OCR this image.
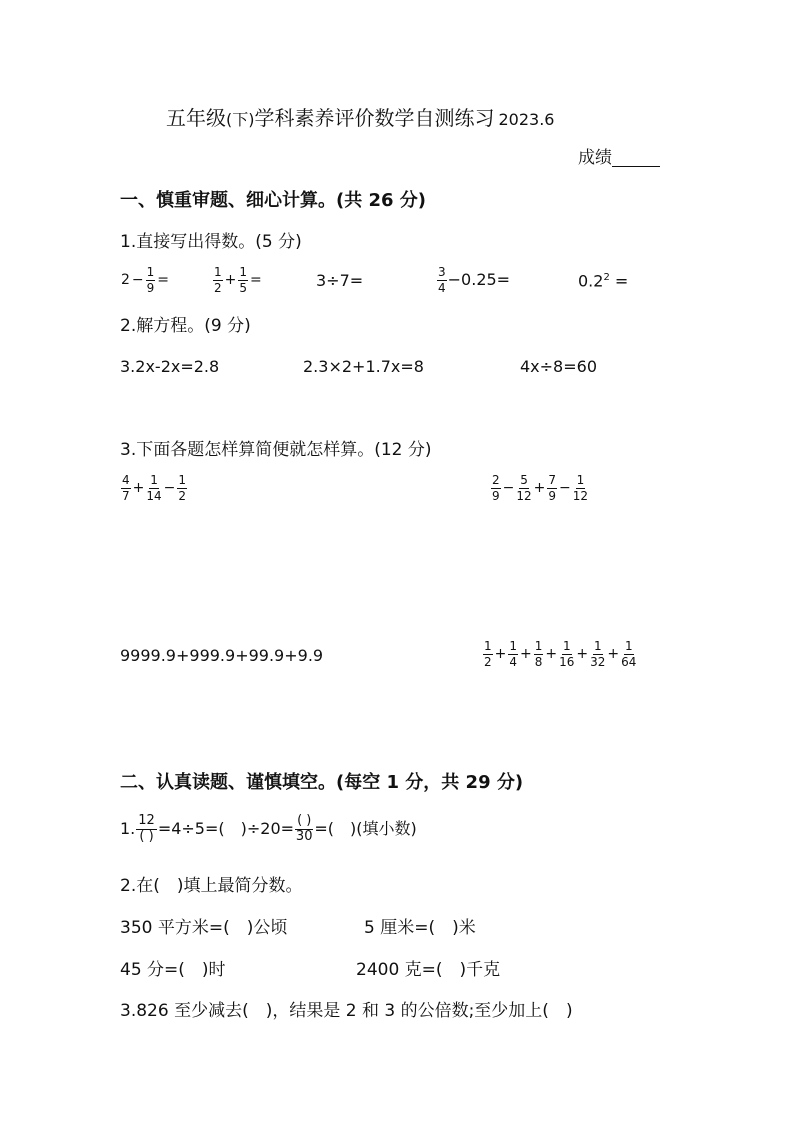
五年级(下)学科素养评价数学自测练习 2023.6
成绩
一、慎重审题、细心计算。(共 26 分)
1.直接写出得数。(5 分)
$2 - \frac{1}{9}$ =	$\frac{1}{2} + \frac{1}{5}$ =	3÷7=	$\frac{3}{4} -0.25=$	$0.2^2$ =
2.解方程。(9 分)
3.2x-2x=2.8	2.3×2+1.7x=8	4x÷8=60
3.下面各题怎样算简便就怎样算。(12 分)
$\frac{4}{7} + \frac{1}{14} - \frac{1}{2}$	$\frac{2}{9} - \frac{5}{12} + \frac{7}{9} - \frac{1}{12}$
9999.9+999.9+99.9+9.9	$\frac{1}{2} + \frac{1}{4} + \frac{1}{8} + \frac{1}{16} + \frac{1}{32} + \frac{1}{64}$
二、认真读题、谨慎填空。(每空 1 分，共 29 分)
1. $\frac{12}{( )} =4\div 5=$(　)$\div 20= \frac{( )}{30}$ =(　)(填小数)
2.在(　)填上最简分数。
350 平方米=(　)公顷	5 厘米=(　)米
45 分=(　)时	2400 克=(　)千克
3.826 至少减去(　)，结果是 2 和 3 的公倍数;至少加上(　)
